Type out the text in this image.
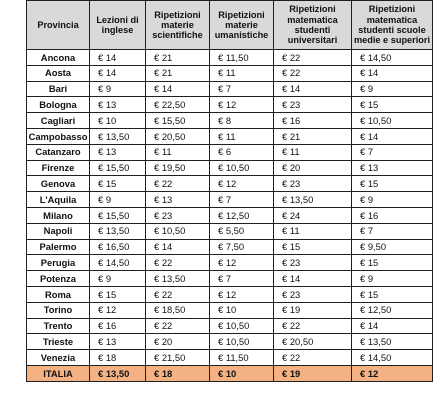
Provincia	Lezioni di inglese	Ripetizioni materie scientifiche	Ripetizioni materie umanistiche	Ripetizioni matematica studenti universitari	Ripetizioni matematica studenti scuole medie e superiori
Ancona	€ 14	€ 21	€ 11,50	€ 22	€ 14,50
Aosta	€ 14	€ 21	€ 11	€ 22	€ 14
Bari	€ 9	€ 14	€ 7	€ 14	€ 9
Bologna	€ 13	€ 22,50	€ 12	€ 23	€ 15
Cagliari	€ 10	€ 15,50	€ 8	€ 16	€ 10,50
Campobasso	€ 13,50	€ 20,50	€ 11	€ 21	€ 14
Catanzaro	€ 13	€ 11	€ 6	€ 11	€ 7
Firenze	€ 15,50	€ 19,50	€ 10,50	€ 20	€ 13
Genova	€ 15	€ 22	€ 12	€ 23	€ 15
L'Aquila	€ 9	€ 13	€ 7	€ 13,50	€ 9
Milano	€ 15,50	€ 23	€ 12,50	€ 24	€ 16
Napoli	€ 13,50	€ 10,50	€ 5,50	€ 11	€ 7
Palermo	€ 16,50	€ 14	€ 7,50	€ 15	€ 9,50
Perugia	€ 14,50	€ 22	€ 12	€ 23	€ 15
Potenza	€ 9	€ 13,50	€ 7	€ 14	€ 9
Roma	€ 15	€ 22	€ 12	€ 23	€ 15
Torino	€ 12	€ 18,50	€ 10	€ 19	€ 12,50
Trento	€ 16	€ 22	€ 10,50	€ 22	€ 14
Trieste	€ 13	€ 20	€ 10,50	€ 20,50	€ 13,50
Venezia	€ 18	€ 21,50	€ 11,50	€ 22	€ 14,50
ITALIA	€ 13,50	€ 18	€ 10	€ 19	€ 12
